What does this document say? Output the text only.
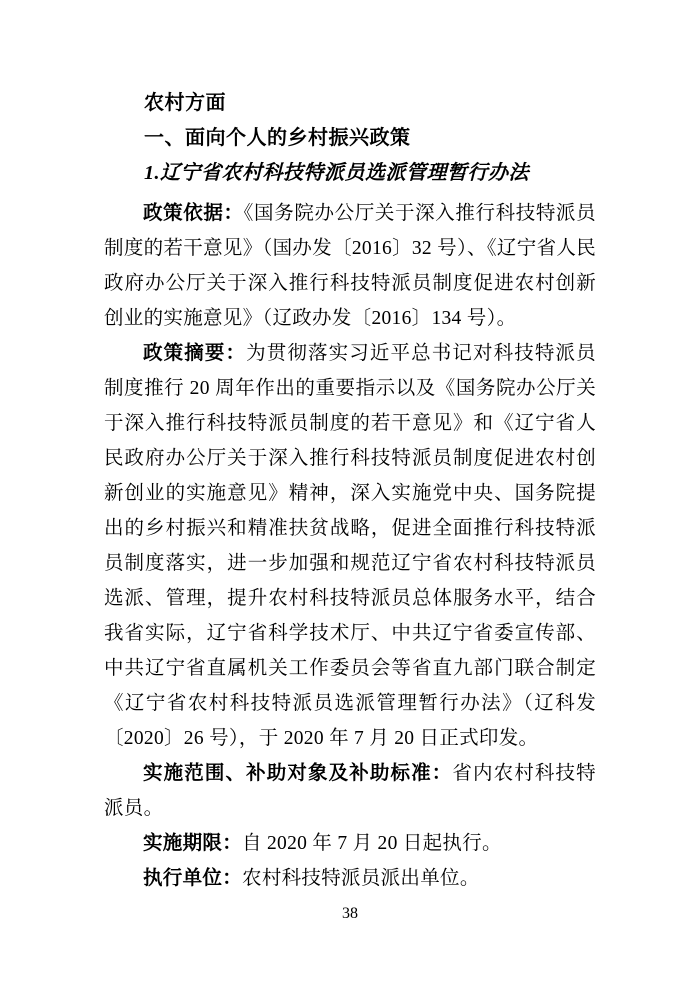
农村方面

一、面向个人的乡村振兴政策

1.辽宁省农村科技特派员选派管理暂行办法

政策依据：《国务院办公厅关于深入推行科技特派员制度的若干意见》（国办发〔2016〕32 号）、《辽宁省人民政府办公厅关于深入推行科技特派员制度促进农村创新创业的实施意见》（辽政办发〔2016〕134 号）。

政策摘要：为贯彻落实习近平总书记对科技特派员制度推行 20 周年作出的重要指示以及《国务院办公厅关于深入推行科技特派员制度的若干意见》和《辽宁省人民政府办公厅关于深入推行科技特派员制度促进农村创新创业的实施意见》精神，深入实施党中央、国务院提出的乡村振兴和精准扶贫战略，促进全面推行科技特派员制度落实，进一步加强和规范辽宁省农村科技特派员选派、管理，提升农村科技特派员总体服务水平，结合我省实际，辽宁省科学技术厅、中共辽宁省委宣传部、中共辽宁省直属机关工作委员会等省直九部门联合制定《辽宁省农村科技特派员选派管理暂行办法》（辽科发〔2020〕26 号），于 2020 年 7 月 20 日正式印发。

实施范围、补助对象及补助标准：省内农村科技特派员。

实施期限：自 2020 年 7 月 20 日起执行。

执行单位：农村科技特派员派出单位。

38
